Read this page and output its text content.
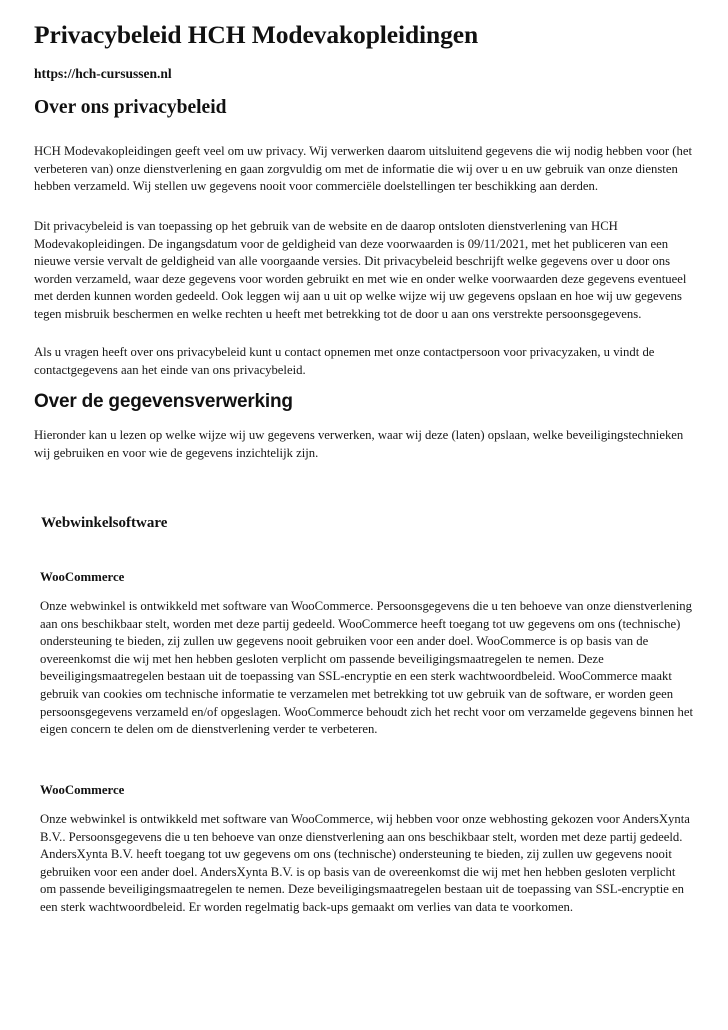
Privacybeleid HCH Modevakopleidingen
https://hch-cursussen.nl
Over ons privacybeleid

HCH Modevakopleidingen geeft veel om uw privacy. Wij verwerken daarom uitsluitend gegevens die wij nodig hebben voor (het verbeteren van) onze dienstverlening en gaan zorgvuldig om met de informatie die wij over u en uw gebruik van onze diensten hebben verzameld. Wij stellen uw gegevens nooit voor commerciële doelstellingen ter beschikking aan derden.

Dit privacybeleid is van toepassing op het gebruik van de website en de daarop ontsloten dienstverlening van HCH Modevakopleidingen. De ingangsdatum voor de geldigheid van deze voorwaarden is 09/11/2021, met het publiceren van een nieuwe versie vervalt de geldigheid van alle voorgaande versies. Dit privacybeleid beschrijft welke gegevens over u door ons worden verzameld, waar deze gegevens voor worden gebruikt en met wie en onder welke voorwaarden deze gegevens eventueel met derden kunnen worden gedeeld. Ook leggen wij aan u uit op welke wijze wij uw gegevens opslaan en hoe wij uw gegevens tegen misbruik beschermen en welke rechten u heeft met betrekking tot de door u aan ons verstrekte persoonsgegevens.

Als u vragen heeft over ons privacybeleid kunt u contact opnemen met onze contactpersoon voor privacyzaken, u vindt de contactgegevens aan het einde van ons privacybeleid.

Over de gegevensverwerking

Hieronder kan u lezen op welke wijze wij uw gegevens verwerken, waar wij deze (laten) opslaan, welke beveiligingstechnieken wij gebruiken en voor wie de gegevens inzichtelijk zijn.

Webwinkelsoftware
WooCommerce

Onze webwinkel is ontwikkeld met software van WooCommerce. Persoonsgegevens die u ten behoeve van onze dienstverlening aan ons beschikbaar stelt, worden met deze partij gedeeld. WooCommerce heeft toegang tot uw gegevens om ons (technische) ondersteuning te bieden, zij zullen uw gegevens nooit gebruiken voor een ander doel. WooCommerce is op basis van de overeenkomst die wij met hen hebben gesloten verplicht om passende beveiligingsmaatregelen te nemen. Deze beveiligingsmaatregelen bestaan uit de toepassing van SSL-encryptie en een sterk wachtwoordbeleid. WooCommerce maakt gebruik van cookies om technische informatie te verzamelen met betrekking tot uw gebruik van de software, er worden geen persoonsgegevens verzameld en/of opgeslagen. WooCommerce behoudt zich het recht voor om verzamelde gegevens binnen het eigen concern te delen om de dienstverlening verder te verbeteren.

WooCommerce

Onze webwinkel is ontwikkeld met software van WooCommerce, wij hebben voor onze webhosting gekozen voor AndersXynta B.V.. Persoonsgegevens die u ten behoeve van onze dienstverlening aan ons beschikbaar stelt, worden met deze partij gedeeld. AndersXynta B.V. heeft toegang tot uw gegevens om ons (technische) ondersteuning te bieden, zij zullen uw gegevens nooit gebruiken voor een ander doel. AndersXynta B.V. is op basis van de overeenkomst die wij met hen hebben gesloten verplicht om passende beveiligingsmaatregelen te nemen. Deze beveiligingsmaatregelen bestaan uit de toepassing van SSL-encryptie en een sterk wachtwoordbeleid. Er worden regelmatig back-ups gemaakt om verlies van data te voorkomen.
